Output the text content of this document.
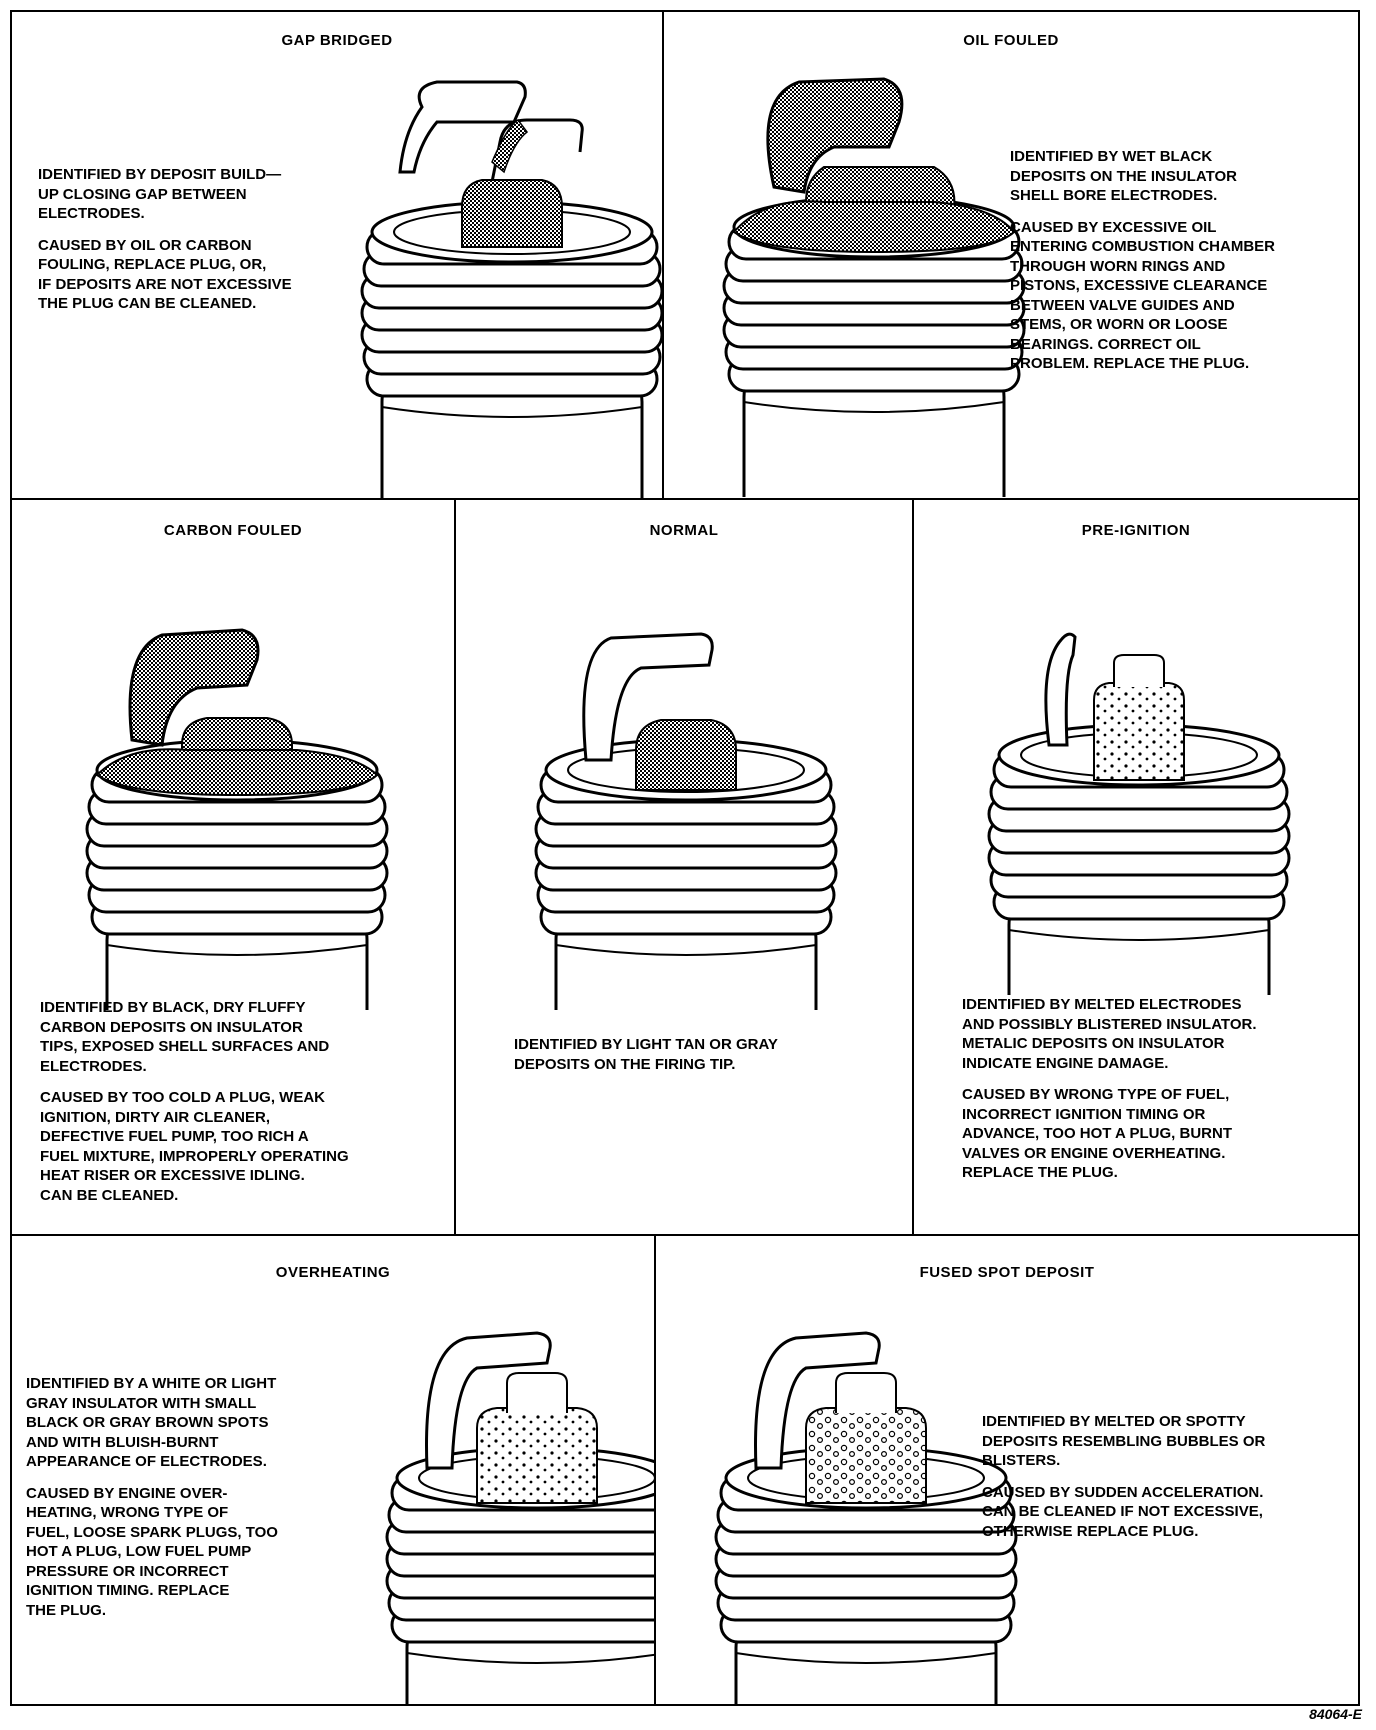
GAP BRIDGED

IDENTIFIED BY DEPOSIT BUILD—
UP CLOSING GAP BETWEEN
ELECTRODES.

CAUSED BY OIL OR CARBON
FOULING, REPLACE PLUG, OR,
IF DEPOSITS ARE NOT EXCESSIVE
THE PLUG CAN BE CLEANED.

OIL FOULED

IDENTIFIED BY WET BLACK
DEPOSITS ON THE INSULATOR
SHELL BORE ELECTRODES.

CAUSED BY EXCESSIVE OIL
ENTERING COMBUSTION CHAMBER
THROUGH WORN RINGS AND
PISTONS, EXCESSIVE CLEARANCE
BETWEEN VALVE GUIDES AND
STEMS, OR WORN OR LOOSE
BEARINGS. CORRECT OIL
PROBLEM. REPLACE THE PLUG.

CARBON FOULED

IDENTIFIED BY BLACK, DRY FLUFFY
CARBON DEPOSITS ON INSULATOR
TIPS, EXPOSED SHELL SURFACES AND
ELECTRODES.

CAUSED BY TOO COLD A PLUG, WEAK
IGNITION, DIRTY AIR CLEANER,
DEFECTIVE FUEL PUMP, TOO RICH A
FUEL MIXTURE, IMPROPERLY OPERATING
HEAT RISER OR EXCESSIVE IDLING.
CAN BE CLEANED.

NORMAL

IDENTIFIED BY LIGHT TAN OR GRAY
DEPOSITS ON THE FIRING TIP.

PRE-IGNITION

IDENTIFIED BY MELTED ELECTRODES
AND POSSIBLY BLISTERED INSULATOR.
METALIC DEPOSITS ON INSULATOR
INDICATE ENGINE DAMAGE.

CAUSED BY WRONG TYPE OF FUEL,
INCORRECT IGNITION TIMING OR
ADVANCE, TOO HOT A PLUG, BURNT
VALVES OR ENGINE OVERHEATING.
REPLACE THE PLUG.

OVERHEATING

IDENTIFIED BY A WHITE OR LIGHT
GRAY INSULATOR WITH SMALL
BLACK OR GRAY BROWN SPOTS
AND WITH BLUISH-BURNT
APPEARANCE OF ELECTRODES.

CAUSED BY ENGINE OVER-
HEATING, WRONG TYPE OF
FUEL, LOOSE SPARK PLUGS, TOO
HOT A PLUG, LOW FUEL PUMP
PRESSURE OR INCORRECT
IGNITION TIMING. REPLACE
THE PLUG.

FUSED SPOT DEPOSIT

IDENTIFIED BY MELTED OR SPOTTY
DEPOSITS RESEMBLING BUBBLES OR
BLISTERS.

CAUSED BY SUDDEN ACCELERATION.
CAN BE CLEANED IF NOT EXCESSIVE,
OTHERWISE REPLACE PLUG.

84064-E
